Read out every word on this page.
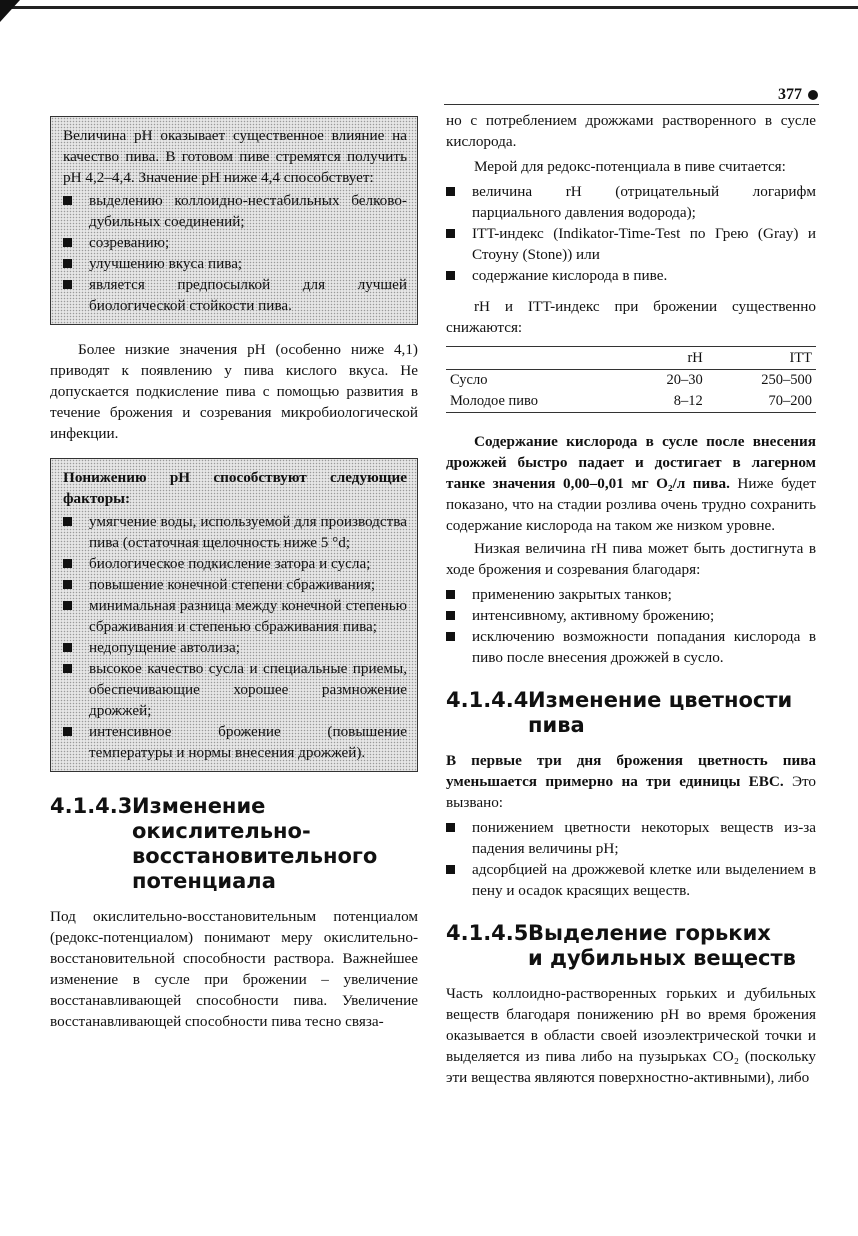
377

Величина pH оказывает существенное влияние на качество пива. В готовом пиве стремятся получить pH 4,2–4,4. Значение pH ниже 4,4 способствует:

выделению коллоидно-нестабильных белково-дубильных соединений;
созреванию;
улучшению вкуса пива;
является предпосылкой для лучшей биологической стойкости пива.

Более низкие значения pH (особенно ниже 4,1) приводят к появлению у пива кислого вкуса. Не допускается подкисление пива с помощью развития в течение брожения и созревания микробиологической инфекции.

Понижению pH способствуют следующие факторы:

умягчение воды, используемой для производства пива (остаточная щелочность ниже 5 °d;
биологическое подкисление затора и сусла;
повышение конечной степени сбраживания;
минимальная разница между конечной степенью сбраживания и степенью сбраживания пива;
недопущение автолиза;
высокое качество сусла и специальные приемы, обеспечивающие хорошее размножение дрожжей;
интенсивное брожение (повышение температуры и нормы внесения дрожжей).
4.1.4.3.
Изменение
окислительно-
восстановительного
потенциала

Под окислительно-восстановительным потенциалом (редокс-потенциалом) понимают меру окислительно-восстановительной способности раствора. Важнейшее изменение в сусле при брожении – увеличение восстанавливающей способности пива. Увеличение восстанавливающей способности пива тесно связа-

но с потреблением дрожжами растворенного в сусле кислорода.

Мерой для редокс-потенциала в пиве считается:

величина rH (отрицательный логарифм парциального давления водорода);
ITT-индекс (Indikator-Time-Test по Грею (Gray) и Стоуну (Stone)) или
содержание кислорода в пиве.

rH и ITT-индекс при брожении существенно снижаются:

	rH	ITT
Сусло	20–30	250–500
Молодое пиво	8–12	70–200

Содержание кислорода в сусле после внесения дрожжей быстро падает и достигает в лагерном танке значения 0,00–0,01 мг O₂/л пива. Ниже будет показано, что на стадии розлива очень трудно сохранить содержание кислорода на таком же низком уровне.

Низкая величина rH пива может быть достигнута в ходе брожения и созревания благодаря:

применению закрытых танков;
интенсивному, активному брожению;
исключению возможности попадания кислорода в пиво после внесения дрожжей в сусло.
4.1.4.4.
Изменение цветности
пива

В первые три дня брожения цветность пива уменьшается примерно на три единицы EBC. Это вызвано:

понижением цветности некоторых веществ из-за падения величины pH;
адсорбцией на дрожжевой клетке или выделением в пену и осадок красящих веществ.
4.1.4.5.
Выделение горьких
и дубильных веществ

Часть коллоидно-растворенных горьких и дубильных веществ благодаря понижению pH во время брожения оказывается в области своей изоэлектрической точки и выделяется из пива либо на пузырьках CO₂ (поскольку эти вещества являются поверхностно-активными), либо
